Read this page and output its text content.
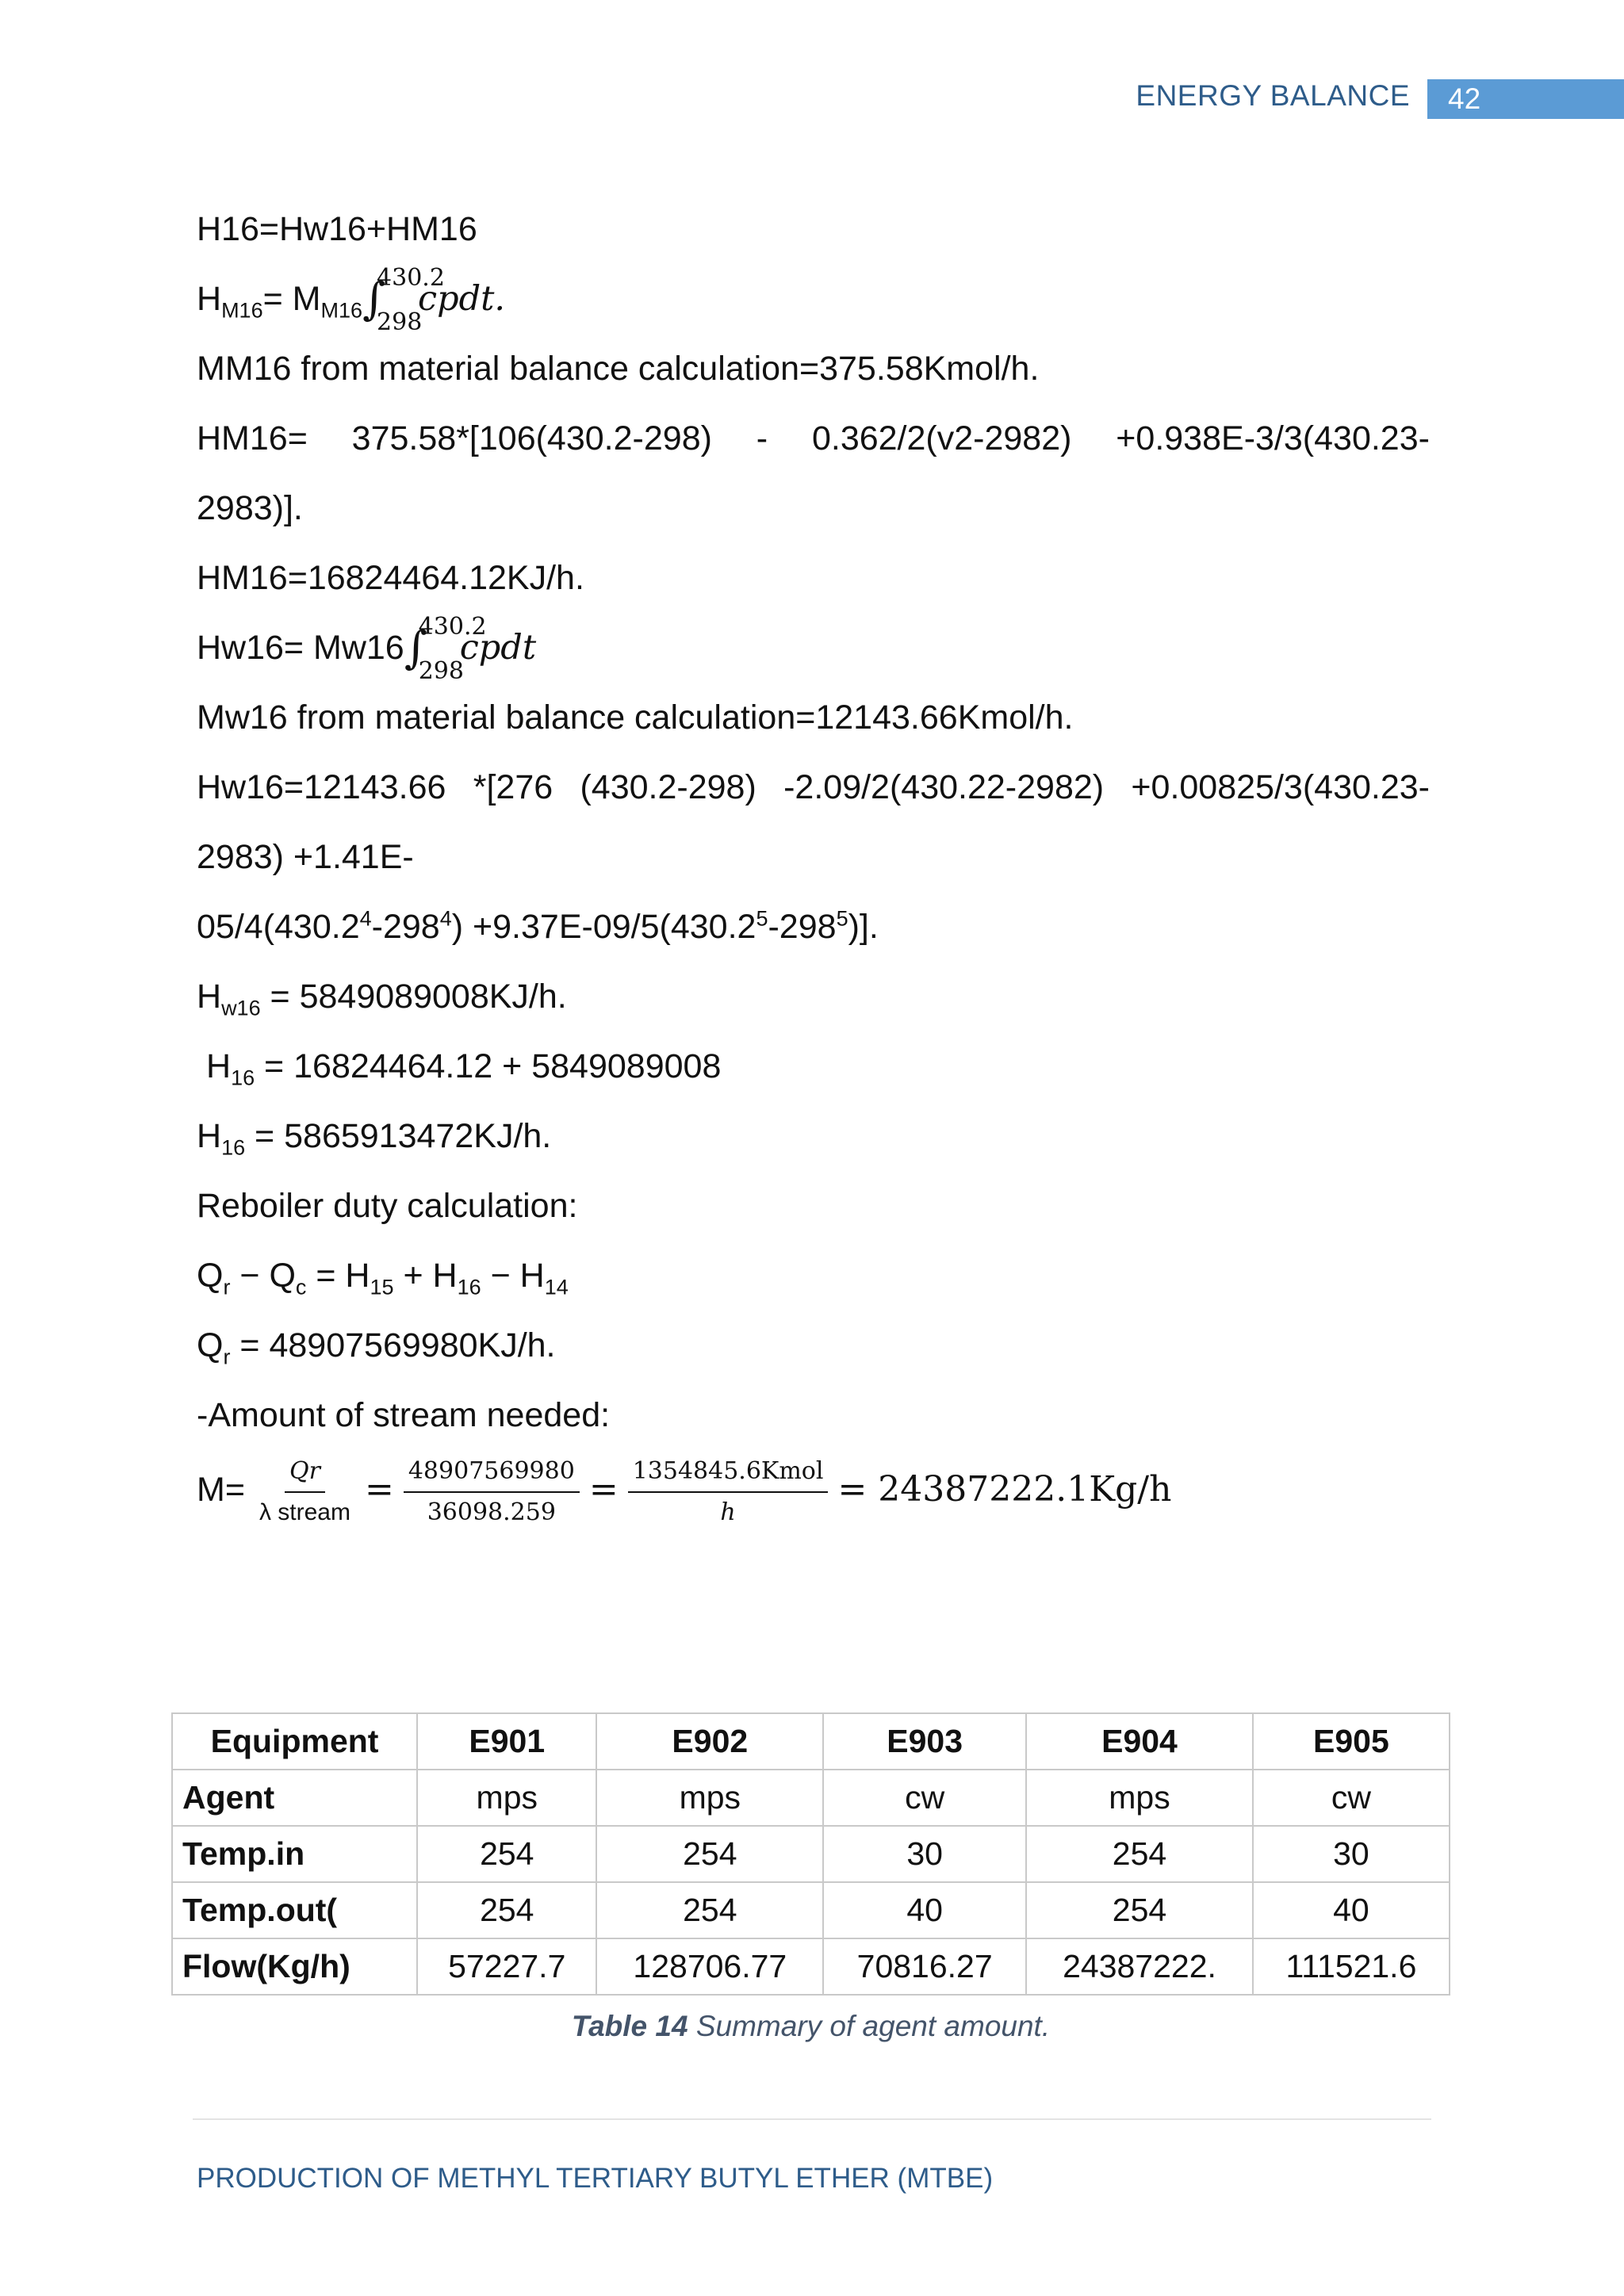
ENERGY BALANCE	42
H16=Hw16+HM16
$H_{M16}= M_{M16}$ ∫
430.2
298
cpdt.
MM16 from material balance calculation=375.58Kmol/h.
HM16= 375.58*[106(430.2-298) - 0.362/2(v2-2982) +0.938E-3/3(430.23-
2983)].
HM16=16824464.12KJ/h.
Hw16= Mw16 ∫
430.2
298
cpdt
Mw16 from material balance calculation=12143.66Kmol/h.
Hw16=12143.66 *[276 (430.2-298) -2.09/2(430.22-2982) +0.00825/3(430.23-
2983) +1.41E-
$05/4(430.2^4-298^4) +9.37E-09/5(430.2^5-298^5)$].
$H_{w16} = 5849089008KJ/h$.
$H_{16} = 16824464.12 + 5849089008$
$H_{16} = 5865913472KJ/h$.
Reboiler duty calculation:
$Q_r - Q_c = H_{15} + H_{16} - H_{14}$
$Q_r = 48907569980KJ/h$.
-Amount of stream needed:
$M= \frac{Qr}{\text{λ stream}} = \frac{48907569980}{36098.259} = \frac{\text{1354845.6Kmol}}{h} = 24387222.1Kg/h$
Equipment	E901	E902	E903	E904	E905
Agent	mps	mps	cw	mps	cw
Temp.in	254	254	30	254	30
Temp.out(	254	254	40	254	40
Flow(Kg/h)	57227.7	128706.77	70816.27	24387222.	111521.6
Table 14 Summary of agent amount.
PRODUCTION OF METHYL TERTIARY BUTYL ETHER (MTBE)
